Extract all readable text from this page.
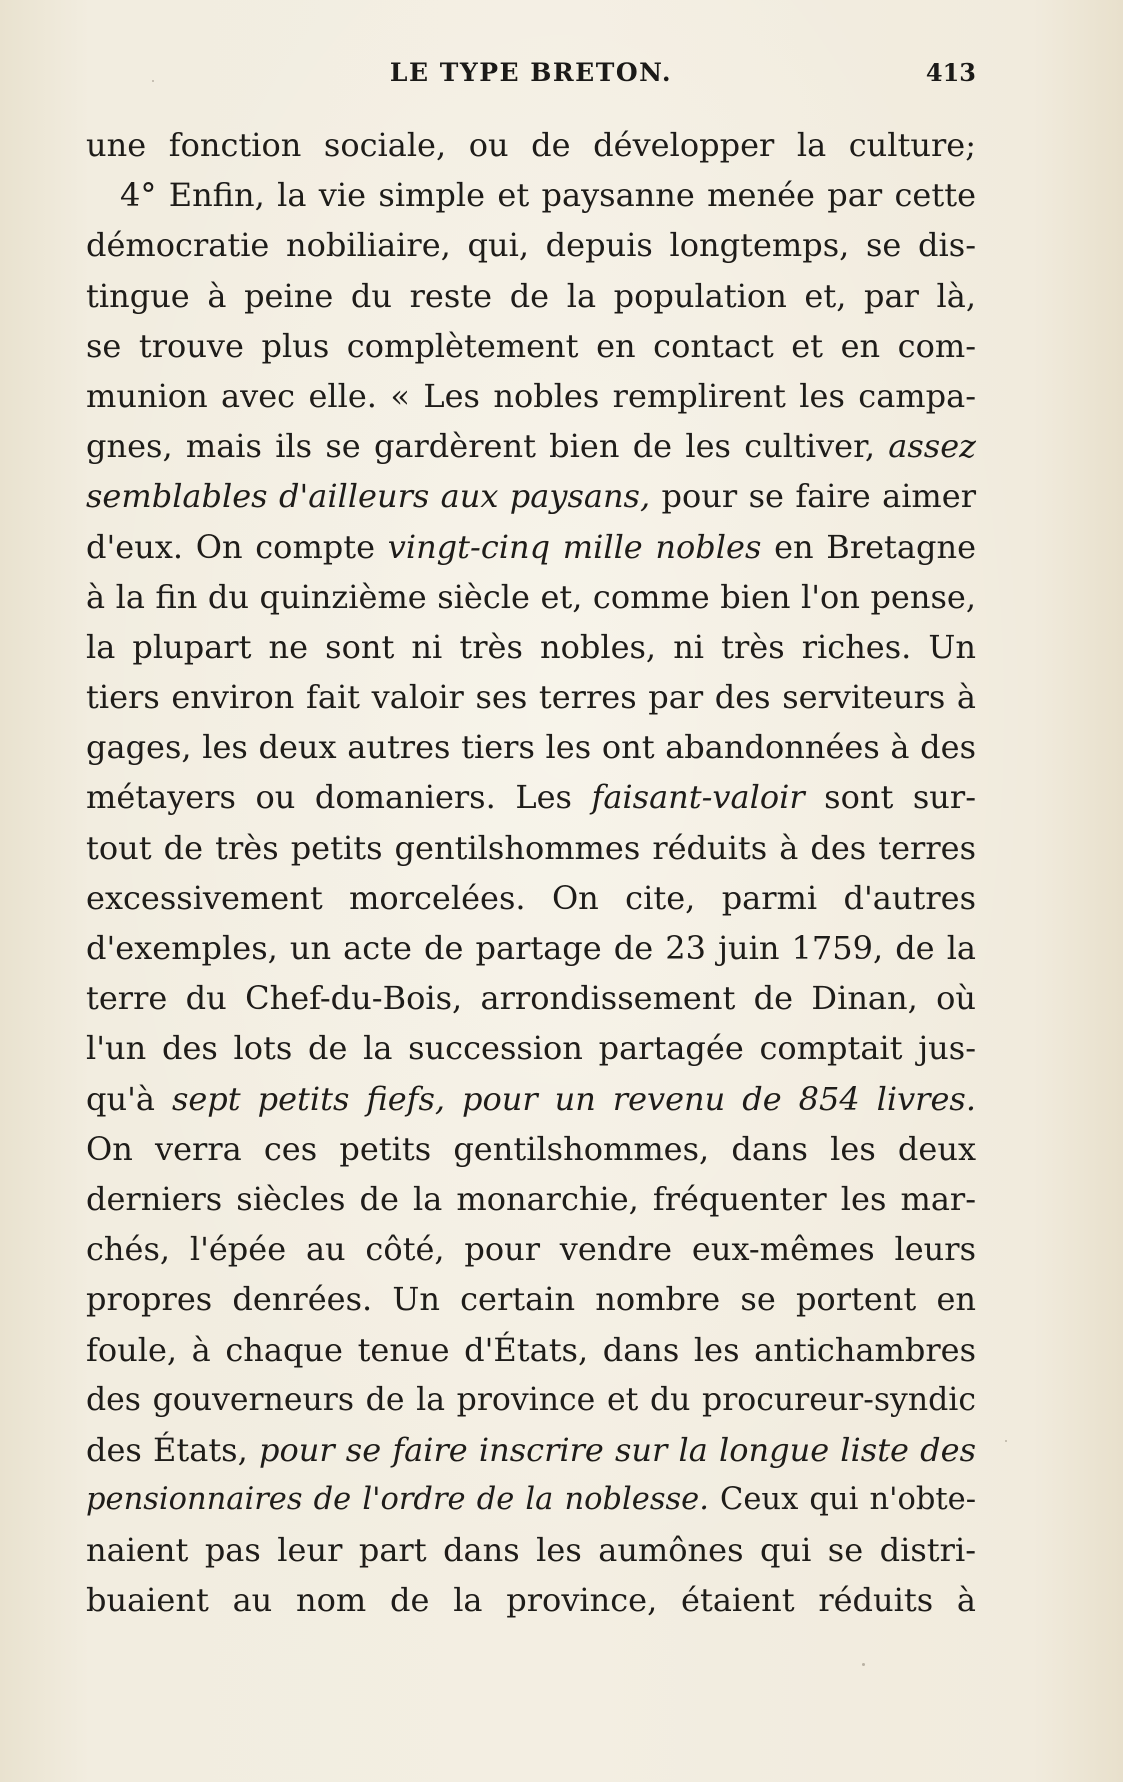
LE TYPE BRETON.	413
une fonction sociale, ou de développer la culture;
4° Enfin, la vie simple et paysanne menée par cette
démocratie nobiliaire, qui, depuis longtemps, se dis-
tingue à peine du reste de la population et, par là,
se trouve plus complètement en contact et en com-
munion avec elle. « Les nobles remplirent les campa-
gnes, mais ils se gardèrent bien de les cultiver, assez
semblables d'ailleurs aux paysans, pour se faire aimer
d'eux. On compte vingt-cinq mille nobles en Bretagne
à la fin du quinzième siècle et, comme bien l'on pense,
la plupart ne sont ni très nobles, ni très riches. Un
tiers environ fait valoir ses terres par des serviteurs à
gages, les deux autres tiers les ont abandonnées à des
métayers ou domaniers. Les faisant-valoir sont sur-
tout de très petits gentilshommes réduits à des terres
excessivement morcelées. On cite, parmi d'autres
d'exemples, un acte de partage de 23 juin 1759, de la
terre du Chef-du-Bois, arrondissement de Dinan, où
l'un des lots de la succession partagée comptait jus-
qu'à sept petits fiefs, pour un revenu de 854 livres.
On verra ces petits gentilshommes, dans les deux
derniers siècles de la monarchie, fréquenter les mar-
chés, l'épée au côté, pour vendre eux-mêmes leurs
propres denrées. Un certain nombre se portent en
foule, à chaque tenue d'États, dans les antichambres
des gouverneurs de la province et du procureur-syndic
des États, pour se faire inscrire sur la longue liste des
pensionnaires de l'ordre de la noblesse. Ceux qui n'obte-
naient pas leur part dans les aumônes qui se distri-
buaient au nom de la province, étaient réduits à
